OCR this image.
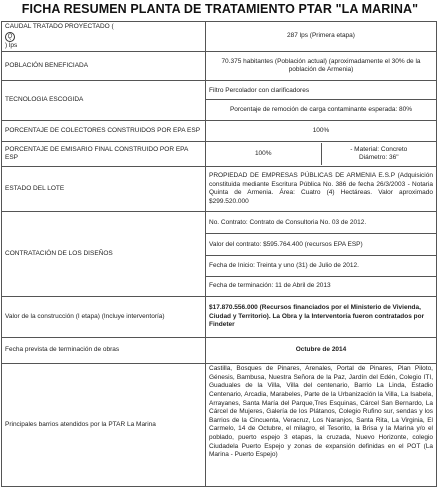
FICHA RESUMEN PLANTA DE TRATAMIENTO PTAR "LA MARINA"
CAUDAL TRATADO PROYECTADO (
Q
) lps	287 lps (Primera etapa)
POBLACIÓN BENEFICIADA	70.375 habitantes (Población actual) (aproximadamente el 30% de la población de Armenia)
TECNOLOGIA ESCOGIDA	Filtro Percolador con clarificadores
Porcentaje de remoción de carga contaminante esperada: 80%

PORCENTAJE DE COLECTORES CONSTRUIDOS POR EPA ESP	100%
PORCENTAJE DE EMISARIO FINAL CONSTRUIDO POR EPA ESP	100%
- Material: Concreto
Diámetro: 36"

ESTADO DEL LOTE	PROPIEDAD DE EMPRESAS PÚBLICAS DE ARMENIA E.S.P (Adquisición constituida mediante Escritura Pública No. 386 de fecha 26/3/2003 - Notaria Quinta de Armenia. Área: Cuatro (4) Hectáreas. Valor aproximado $299.520.000
CONTRATACIÓN DE LOS DISEÑOS	No. Contrato: Contrato de Consultoria No. 03 de 2012.
Valor del contrato: $595.764.400 (recursos EPA ESP)
Fecha de Inicio: Treinta y uno (31) de Julio de 2012.
Fecha de terminación: 11 de Abril de 2013

Valor de la construcción (I etapa) (Incluye interventoría)	$17.870.556.000 (Recursos financiados por el Ministerio de Vivienda, Ciudad y Territorio). La Obra y la Interventoría fueron contratados por Findeter
Fecha prevista de terminación de obras	Octubre de 2014
Principales barrios atendidos por la PTAR La Marina	Castilla, Bosques de Pinares, Arenales, Portal de Pinares, Plan Piloto, Génesis, Bambusa, Nuestra Señora de la Paz, Jardín del Edén, Colegio ITI, Guaduales de la Villa, Villa del centenario, Barrio La Linda, Estadio Centenario, Arcadia, Marabeles, Parte de la Urbanización la Villa, La Isabela, Arrayanes, Santa María del Parque,Tres Esquinas, Cárcel San Bernardo, La Cárcel de Mujeres, Galería de los Plátanos, Colegio Rufino sur, sendas y los Barrios de la Cincuenta, Veracruz, Los Naranjos, Santa Rita, La Virginia, El Carmelo, 14 de Octubre, el milagro, el Tesorito, la Brisa y la Marina y/o el poblado, puerto espejo 3 etapas, la cruzada, Nuevo Horizonte, colegio Ciudadela Puerto Espejo y zonas de expansión definidas en el POT (La Marina - Puerto Espejo)
